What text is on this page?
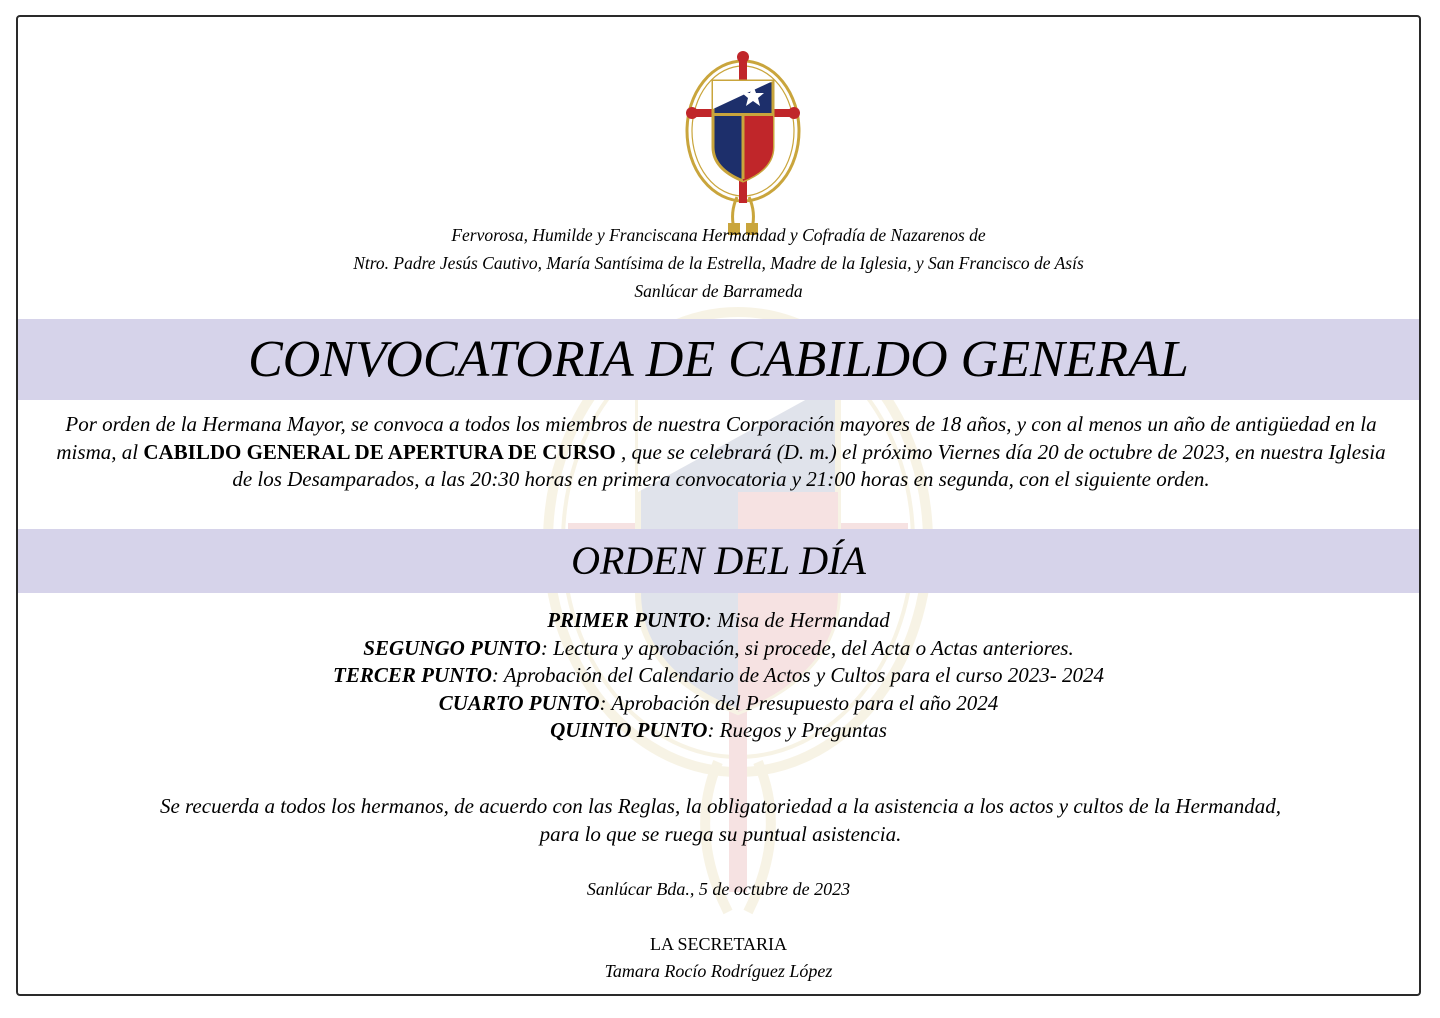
Fervorosa, Humilde y Franciscana Hermandad y Cofradía de Nazarenos de
Ntro. Padre Jesús Cautivo, María Santísima de la Estrella, Madre de la Iglesia, y San Francisco de Asís
Sanlúcar de Barrameda
CONVOCATORIA DE CABILDO GENERAL
Por orden de la Hermana Mayor, se convoca a todos los miembros de nuestra Corporación mayores de 18 años, y con al menos un año de antigüedad en la misma, al CABILDO GENERAL DE APERTURA DE CURSO , que se celebrará (D. m.) el próximo Viernes día 20 de octubre de 2023, en nuestra Iglesia de los Desamparados, a las 20:30 horas en primera convocatoria y 21:00 horas en segunda, con el siguiente orden.
ORDEN DEL DÍA
PRIMER PUNTO: Misa de Hermandad
SEGUNGO PUNTO: Lectura y aprobación, si procede, del Acta o Actas anteriores.
TERCER PUNTO: Aprobación del Calendario de Actos y Cultos para el curso 2023- 2024
CUARTO PUNTO: Aprobación del Presupuesto para el año 2024
QUINTO PUNTO: Ruegos y Preguntas
Se recuerda a todos los hermanos, de acuerdo con las Reglas, la obligatoriedad a la asistencia a los actos y cultos de la Hermandad,
para lo que se ruega su puntual asistencia.
Sanlúcar Bda., 5 de octubre de 2023
LA SECRETARIA
Tamara Rocío Rodríguez López
